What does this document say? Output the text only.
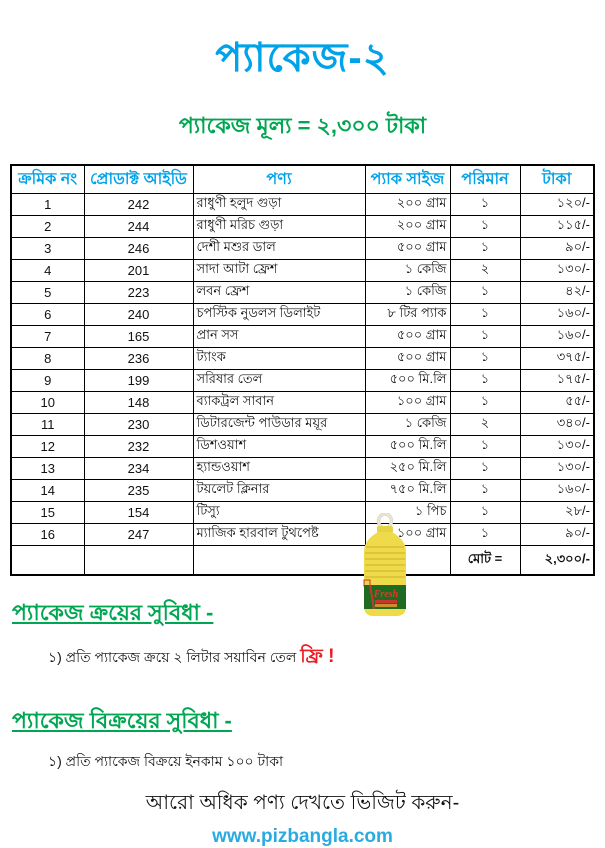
প্যাকেজ-২
প্যাকেজ মূল্য = ২,৩০০ টাকা
ক্রমিক নং	প্রোডাক্ট আইডি	পণ্য	প্যাক সাইজ	পরিমান	টাকা
1	242	রাধুণী হলুদ গুড়া	২০০ গ্রাম	১	১২০/-
2	244	রাধুণী মরিচ গুড়া	২০০ গ্রাম	১	১১৫/-
3	246	দেশী মশুর ডাল	৫০০ গ্রাম	১	৯০/-
4	201	সাদা আটা ফ্রেশ	১ কেজি	২	১৩০/-
5	223	লবন ফ্রেশ	১ কেজি	১	৪২/-
6	240	চপস্টিক নুডলস ডিলাইট	৮ টির প্যাক	১	১৬০/-
7	165	প্রান সস	৫০০ গ্রাম	১	১৬০/-
8	236	ট্যাংক	৫০০ গ্রাম	১	৩৭৫/-
9	199	সরিষার তেল	৫০০ মি.লি	১	১৭৫/-
10	148	ব্যাকট্রল সাবান	১০০ গ্রাম	১	৫৫/-
11	230	ডিটারজেন্ট পাউডার ময়ূর	১ কেজি	২	৩৪০/-
12	232	ডিশওয়াশ	৫০০ মি.লি	১	১৩০/-
13	234	হ্যান্ডওয়াশ	২৫০ মি.লি	১	১৩০/-
14	235	টয়লেট ক্লিনার	৭৫০ মি.লি	১	১৬০/-
15	154	টিস্যু	১ পিচ	১	২৮/-
16	247	ম্যাজিক হারবাল টুথপেষ্ট	১০০ গ্রাম	১	৯০/-
				মোট =	২,৩০০/-
প্যাকেজ ক্রয়ের সুবিধা -
১) প্রতি প্যাকেজ ক্রয়ে ২ লিটার সয়াবিন তেল ফ্রি !
Fresh
প্যাকেজ বিক্রয়ের সুবিধা -
১) প্রতি প্যাকেজ বিক্রয়ে ইনকাম ১০০ টাকা
আরো অধিক পণ্য দেখতে ভিজিট করুন-
www.pizbangla.com
